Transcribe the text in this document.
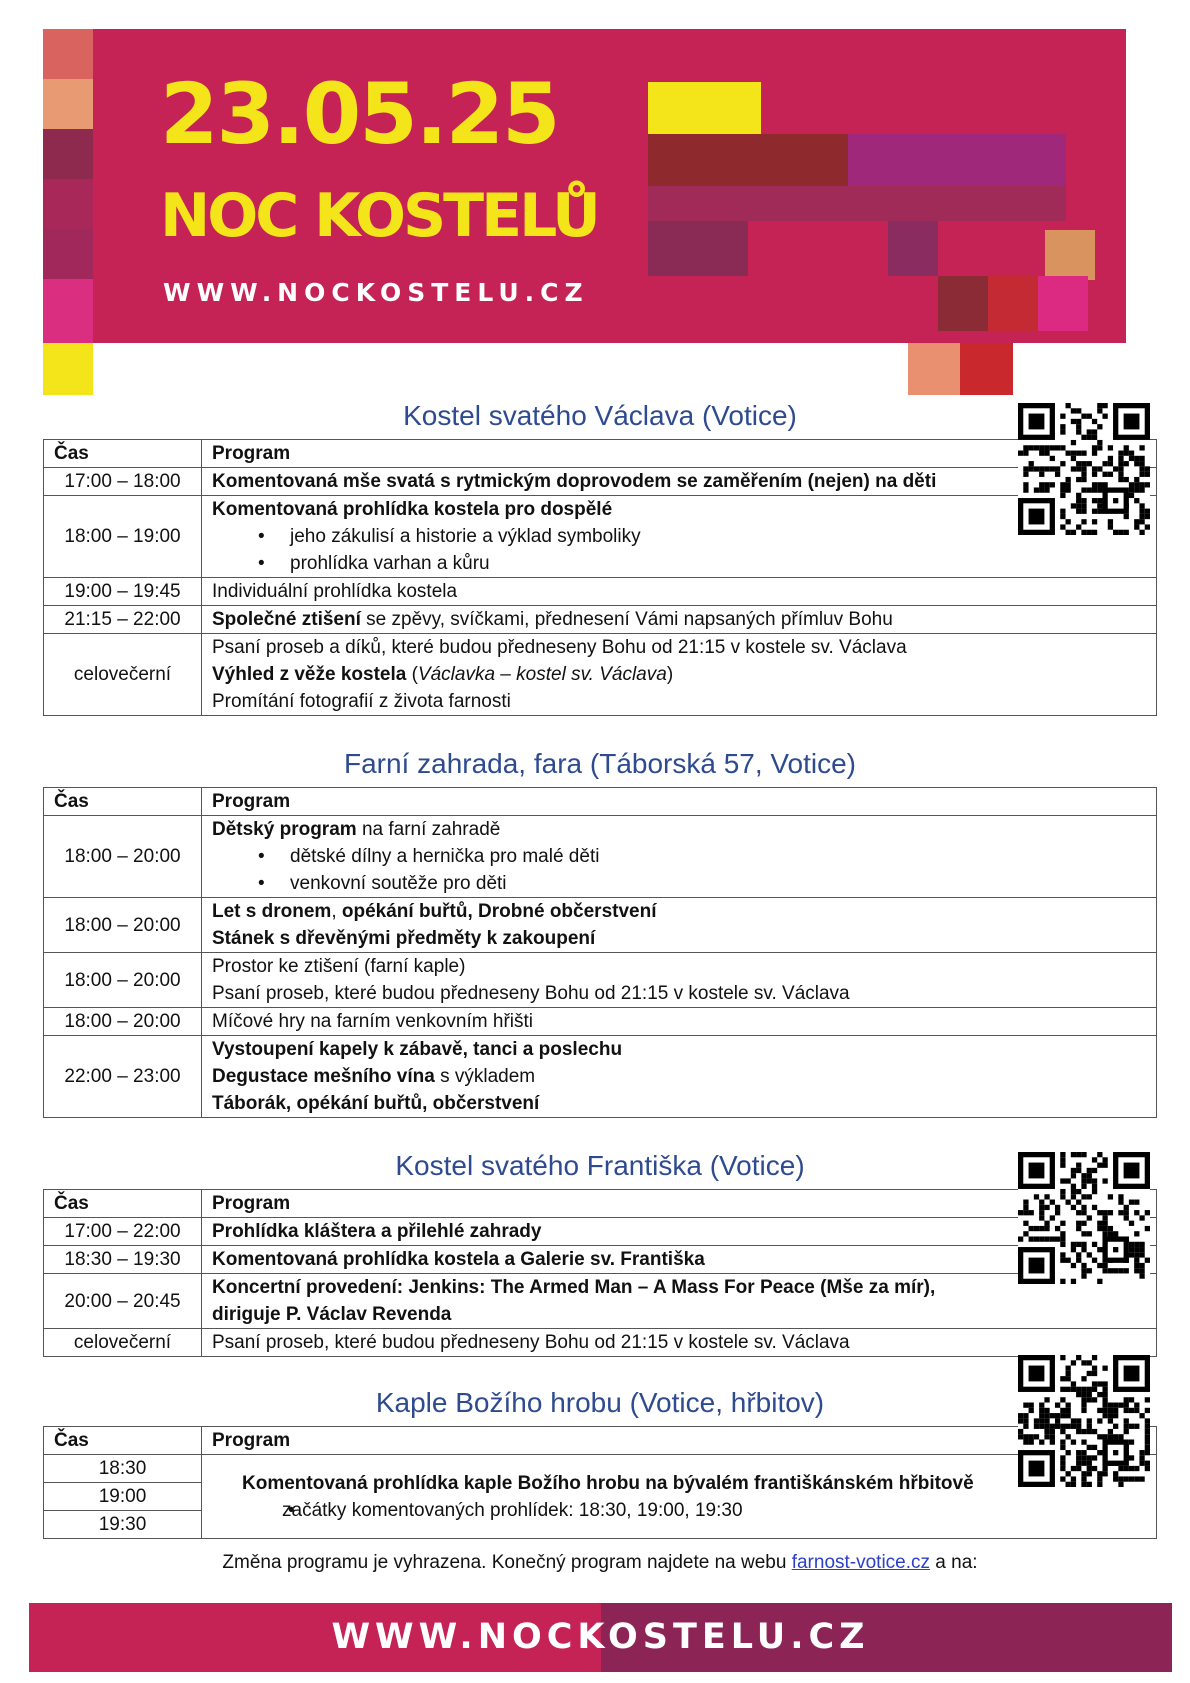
23.05.25
NOC KOSTELŮ
WWW.NOCKOSTELU.CZ
Kostel svatého Václava (Votice)
Čas	Program
17:00 – 18:00	Komentovaná mše svatá s rytmickým doprovodem se zaměřením (nejen) na děti
18:00 – 19:00	Komentovaná prohlídka kostela pro dospělé
• jeho zákulisí a historie a výklad symboliky
• prohlídka varhan a kůru

19:00 – 19:45	Individuální prohlídka kostela
21:15 – 22:00	Společné ztišení se zpěvy, svíčkami, přednesení Vámi napsaných přímluv Bohu
celovečerní	Psaní proseb a díků, které budou předneseny Bohu od 21:15 v kostele sv. Václava
Výhled z věže kostela (Václavka – kostel sv. Václava)
Promítání fotografií z života farnosti
Farní zahrada, fara (Táborská 57, Votice)
Čas	Program
18:00 – 20:00	Dětský program na farní zahradě
• dětské dílny a hernička pro malé děti
• venkovní soutěže pro děti

18:00 – 20:00	Let s dronem, opékání buřtů, Drobné občerstvení
Stánek s dřevěnými předměty k zakoupení

18:00 – 20:00	Prostor ke ztišení (farní kaple)
Psaní proseb, které budou předneseny Bohu od 21:15 v kostele sv. Václava

18:00 – 20:00	Míčové hry na farním venkovním hřišti
22:00 – 23:00	Vystoupení kapely k zábavě, tanci a poslechu
Degustace mešního vína s výkladem
Táborák, opékání buřtů, občerstvení
Kostel svatého Františka (Votice)
Čas	Program
17:00 – 22:00	Prohlídka kláštera a přilehlé zahrady
18:30 – 19:30	Komentovaná prohlídka kostela a Galerie sv. Františka
20:00 – 20:45	Koncertní provedení: Jenkins: The Armed Man – A Mass For Peace (Mše za mír),
diriguje P. Václav Revenda

celovečerní	Psaní proseb, které budou předneseny Bohu od 21:15 v kostele sv. Václava
Kaple Božího hrobu (Votice, hřbitov)
Čas	Program
18:30	Komentovaná prohlídka kaple Božího hrobu na bývalém františkánském hřbitově
• začátky komentovaných prohlídek: 18:30, 19:00, 19:30

19:00	
19:30	
Změna programu je vyhrazena. Konečný program najdete na webu farnost-votice.cz a na:
WWW.NOCKOSTELU.CZ
